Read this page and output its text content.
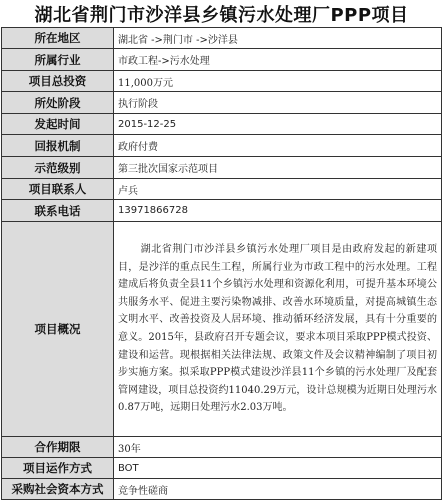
湖北省荆门市沙洋县乡镇污水处理厂PPP项目
所在地区	湖北省 ->荆门市 ->沙洋县
所属行业	市政工程->污水处理
项目总投资	11,000万元
所处阶段	执行阶段
发起时间	2015-12-25
回报机制	政府付费
示范级别	第三批次国家示范项目
项目联系人	卢兵
联系电话	13971866728
项目概况	湖北省荆门市沙洋县乡镇污水处理厂项目是由政府发起的新建项目，是沙洋的重点民生工程，所属行业为市政工程中的污水处理。工程建成后将负责全县11个乡镇污水处理和资源化利用，可提升基本环境公共服务水平、促进主要污染物减排、改善水环境质量，对提高城镇生态文明水平、改善投资及人居环境、推动循环经济发展，具有十分重要的意义。2015年，县政府召开专题会议，要求本项目采取PPP模式投资、建设和运营。现根据相关法律法规、政策文件及会议精神编制了项目初步实施方案。拟采取PPP模式建设沙洋县11个乡镇的污水处理厂及配套管网建设，项目总投资约11040.29万元，设计总规模为近期日处理污水0.87万吨，远期日处理污水2.03万吨。
合作期限	30年
项目运作方式	BOT
采购社会资本方式	竞争性磋商
